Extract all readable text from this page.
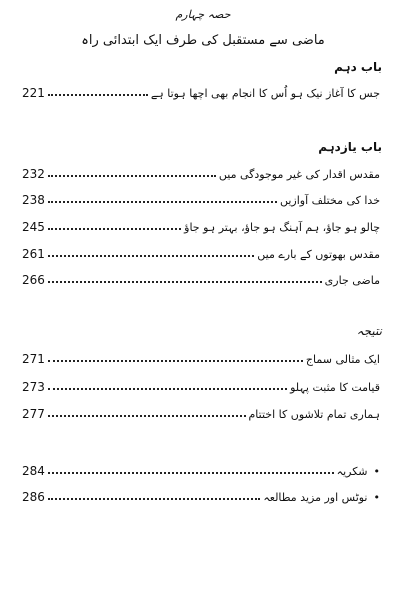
حصہ چہارم
ماضی سے مستقبل کی طرف ایک ابتدائی راہ
باب دہم
جس کا آغاز نیک ہو اُس کا انجام بھی اچھا ہوتا ہے
221
باب یازدہم
مقدس اقدار کی غیر موجودگی میں
232
خدا کی مختلف آوازیں
238
چالو ہو جاؤ، ہم آہنگ ہو جاؤ، بہتر ہو جاؤ
245
مقدس بھوتوں کے بارے میں
261
ماضی جاری
266
نتیجہ
ایک مثالی سماج
271
قیامت کا مثبت پہلو
273
ہماری تمام تلاشوں کا اختتام
277
•
شکریہ
284
•
نوٹس اور مزید مطالعہ
286
